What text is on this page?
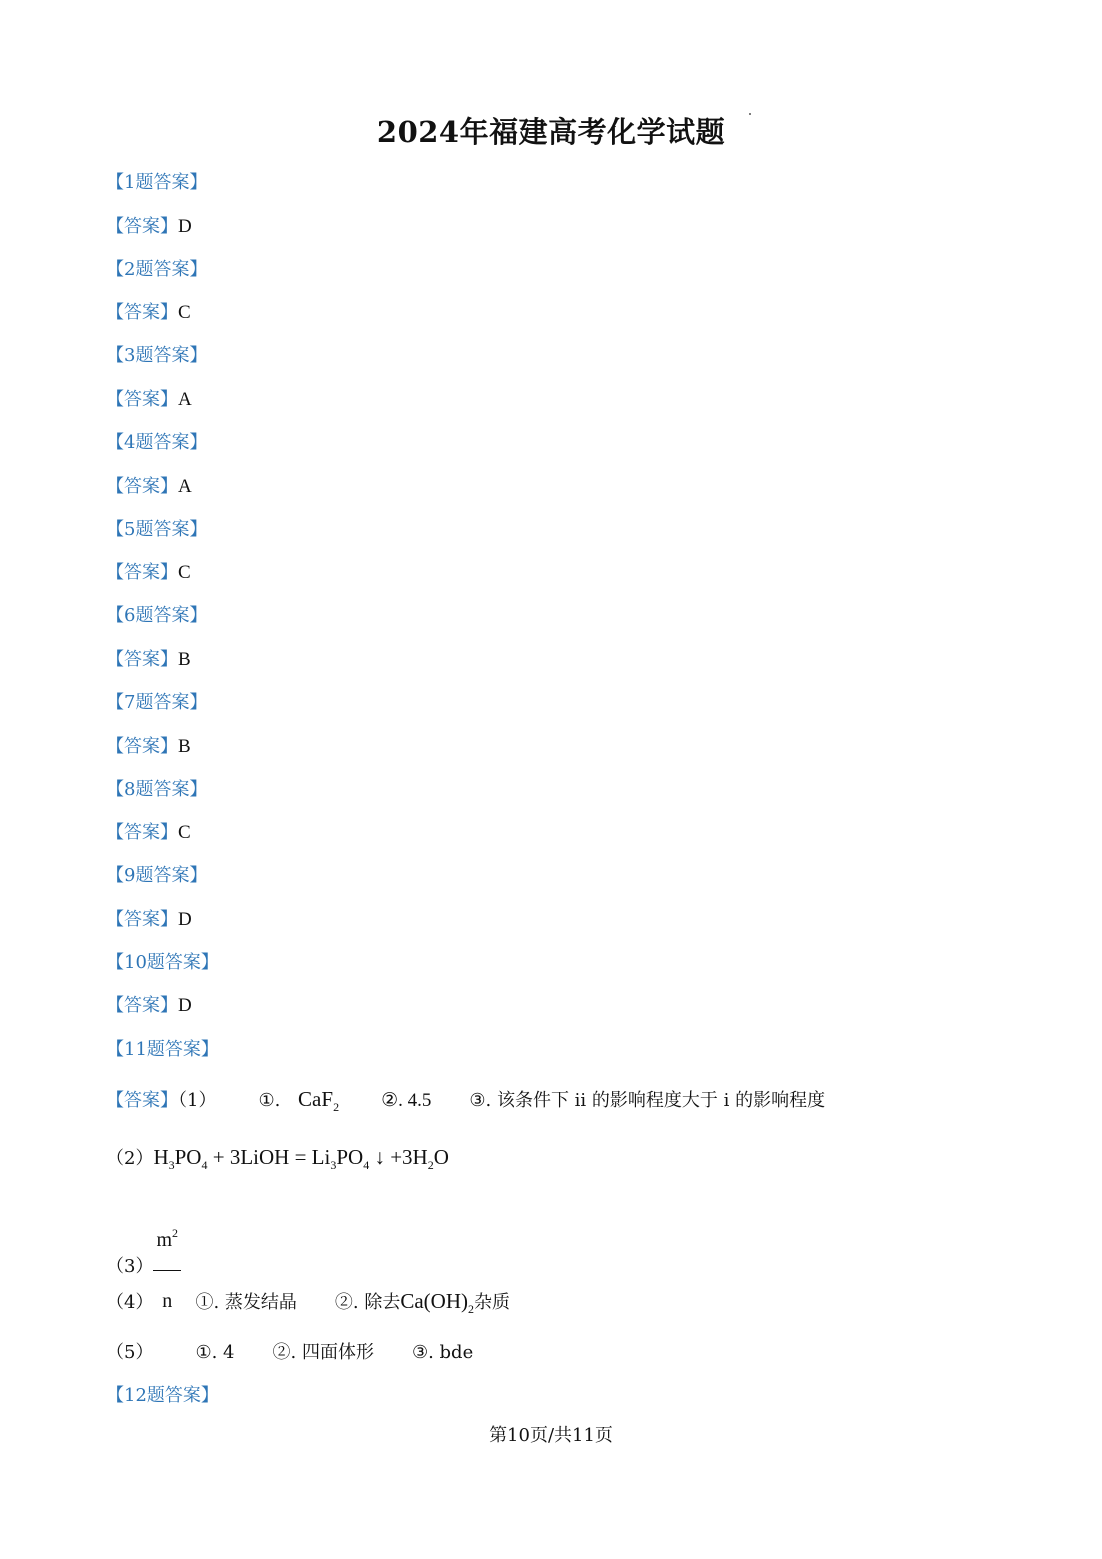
2024年福建高考化学试题
【1题答案】
【答案】D
【2题答案】
【答案】C
【3题答案】
【答案】A
【4题答案】
【答案】A
【5题答案】
【答案】C
【6题答案】
【答案】B
【7题答案】
【答案】B
【8题答案】
【答案】C
【9题答案】
【答案】D
【10题答案】
【答案】D
【11题答案】
【答案】（1） ①. CaF$_2$ ②. 4.5 ③. 该条件下 ii 的影响程度大于 i 的影响程度
$(2)H_3PO_4$ + 3LiOH = $Li_3PO_4$ ↓ $+3H_2O$
$(3) \frac{m^2}{n}$
（4） ①. 蒸发结晶 ②. 除去$Ca(OH)_2$杂质
（5） ①. 4 ②. 四面体形 ③. bde
【12题答案】
第10页/共11页
